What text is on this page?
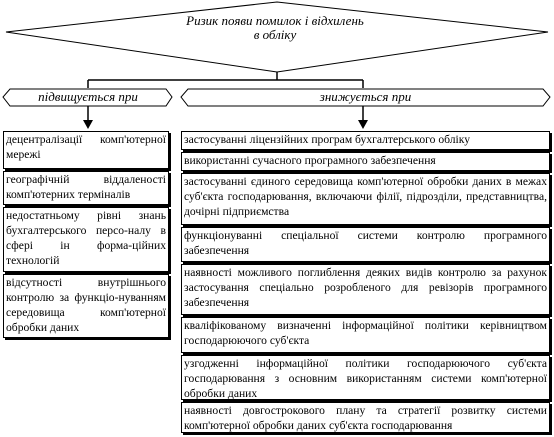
Ризик появи помилок і відхилень
в обліку
підвищується при	знижується при
децентралізації комп'ютерної мережі
географічній віддаленості комп'ютерних терміналів
недостатньому рівні знань бухгалтерського персо-налу в сфері ін форма-ційних технологій
відсутності внутрішнього контролю за функціо-нуванням середовища комп'ютерної обробки даних
застосуванні ліцензійних програм бухгалтерського обліку
використанні сучасного програмного забезпечення
застосуванні єдиного середовища комп'ютерної обробки даних в межах суб'єкта господарювання, включаючи філії, підрозділи, представництва, дочірні підприємства
функціонуванні спеціальної системи контролю програмного забезпечення
наявності можливого поглиблення деяких видів контролю за рахунок застосування спеціально розробленого для ревізорів програмного забезпечення
кваліфікованому визначенні інформаційної політики керівництвом господарюючого суб'єкта
узгодженні інформаційної політики господарюючого суб'єкта господарювання з основним використанням системи комп'ютерної обробки даних
наявності довгострокового плану та стратегії розвитку системи комп'ютерної обробки даних суб'єкта господарювання
